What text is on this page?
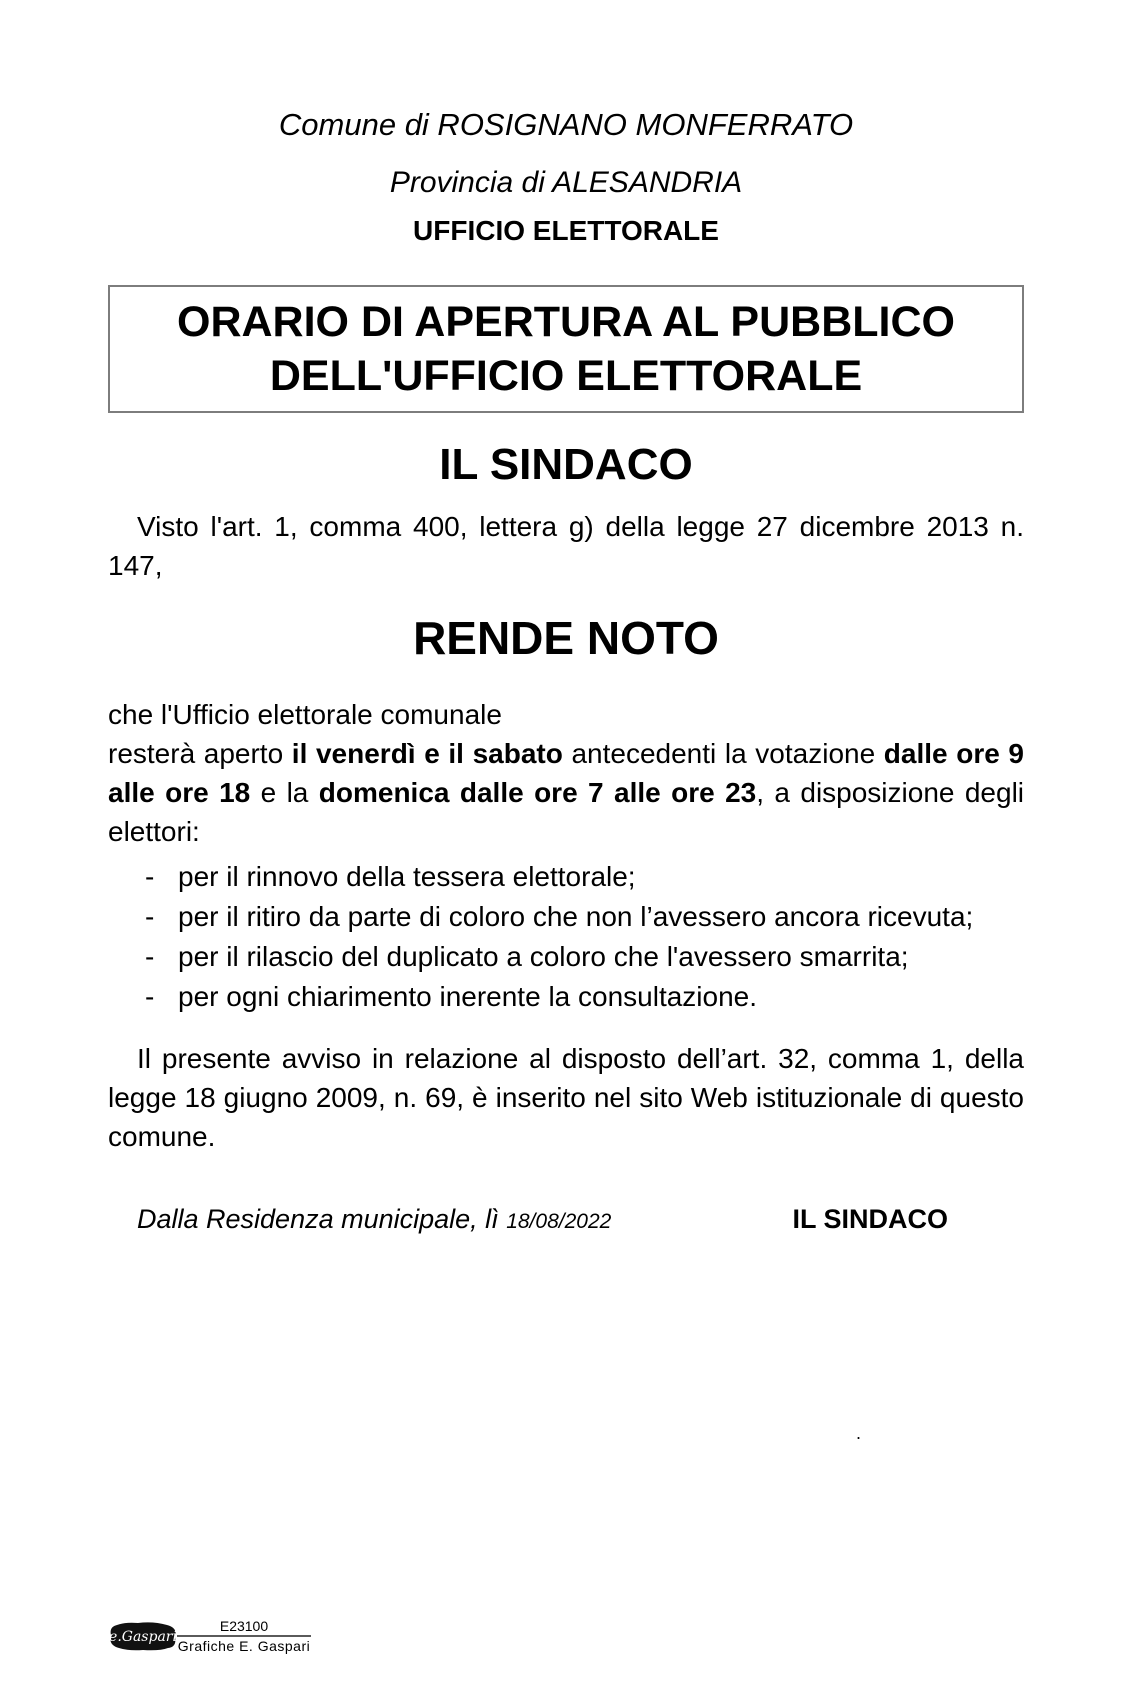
Comune di ROSIGNANO MONFERRATO
Provincia di ALESANDRIA
UFFICIO ELETTORALE
ORARIO DI APERTURA AL PUBBLICO
DELL'UFFICIO ELETTORALE
IL SINDACO
Visto l'art. 1, comma 400, lettera g) della legge 27 dicembre 2013 n. 147,
RENDE NOTO
che l'Ufficio elettorale comunale
resterà aperto il venerdì e il sabato antecedenti la votazione dalle ore 9 alle ore 18 e la domenica dalle ore 7 alle ore 23, a disposizione degli elettori:
- per il rinnovo della tessera elettorale;
- per il ritiro da parte di coloro che non l’avessero ancora ricevuta;
- per il rilascio del duplicato a coloro che l'avessero smarrita;
- per ogni chiarimento inerente la consultazione.
Il presente avviso in relazione al disposto dell’art. 32, comma 1, della legge 18 giugno 2009, n. 69, è inserito nel sito Web istituzionale di questo comune.
Dalla Residenza municipale, lì 18/08/2022	IL SINDACO
.
e.Gaspari
E23100
Grafiche E. Gaspari
